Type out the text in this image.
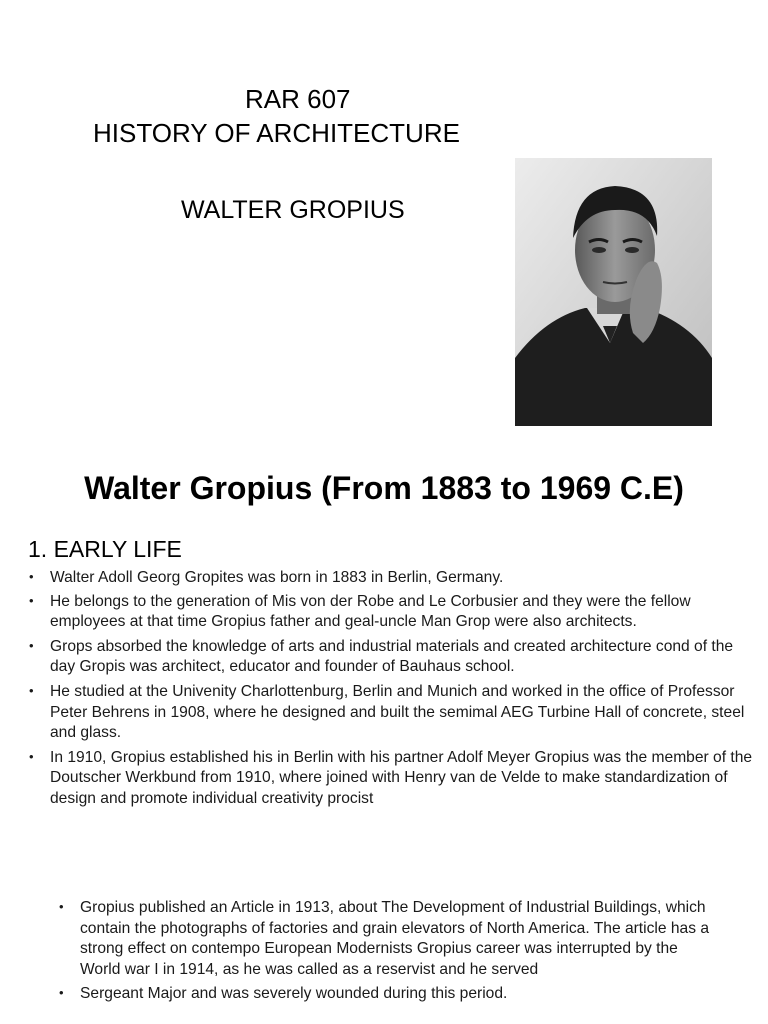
RAR 607
HISTORY OF ARCHITECTURE
WALTER GROPIUS
Walter Gropius (From 1883 to 1969 C.E)
1. EARLY LIFE
• Walter Adoll Georg Gropites was born in 1883 in Berlin, Germany.
• He belongs to the generation of Mis von der Robe and Le Corbusier and they were the fellow employees at that time Gropius father and geal-uncle Man Grop were also architects.
• Grops absorbed the knowledge of arts and industrial materials and created architecture cond of the day Gropis was architect, educator and founder of Bauhaus school.
• He studied at the Univenity Charlottenburg, Berlin and Munich and worked in the office of Professor Peter Behrens in 1908, where he designed and built the semimal AEG Turbine Hall of concrete, steel and glass.
• In 1910, Gropius established his in Berlin with his partner Adolf Meyer Gropius was the member of the Doutscher Werkbund from 1910, where joined with Henry van de Velde to make standardization of design and promote individual creativity procist
• Gropius published an Article in 1913, about The Development of Industrial Buildings, which contain the photographs of factories and grain elevators of North America. The article has a strong effect on contempo European Modernists Gropius career was interrupted by the World war I in 1914, as he was called as a reservist and he served
• Sergeant Major and was severely wounded during this period.
